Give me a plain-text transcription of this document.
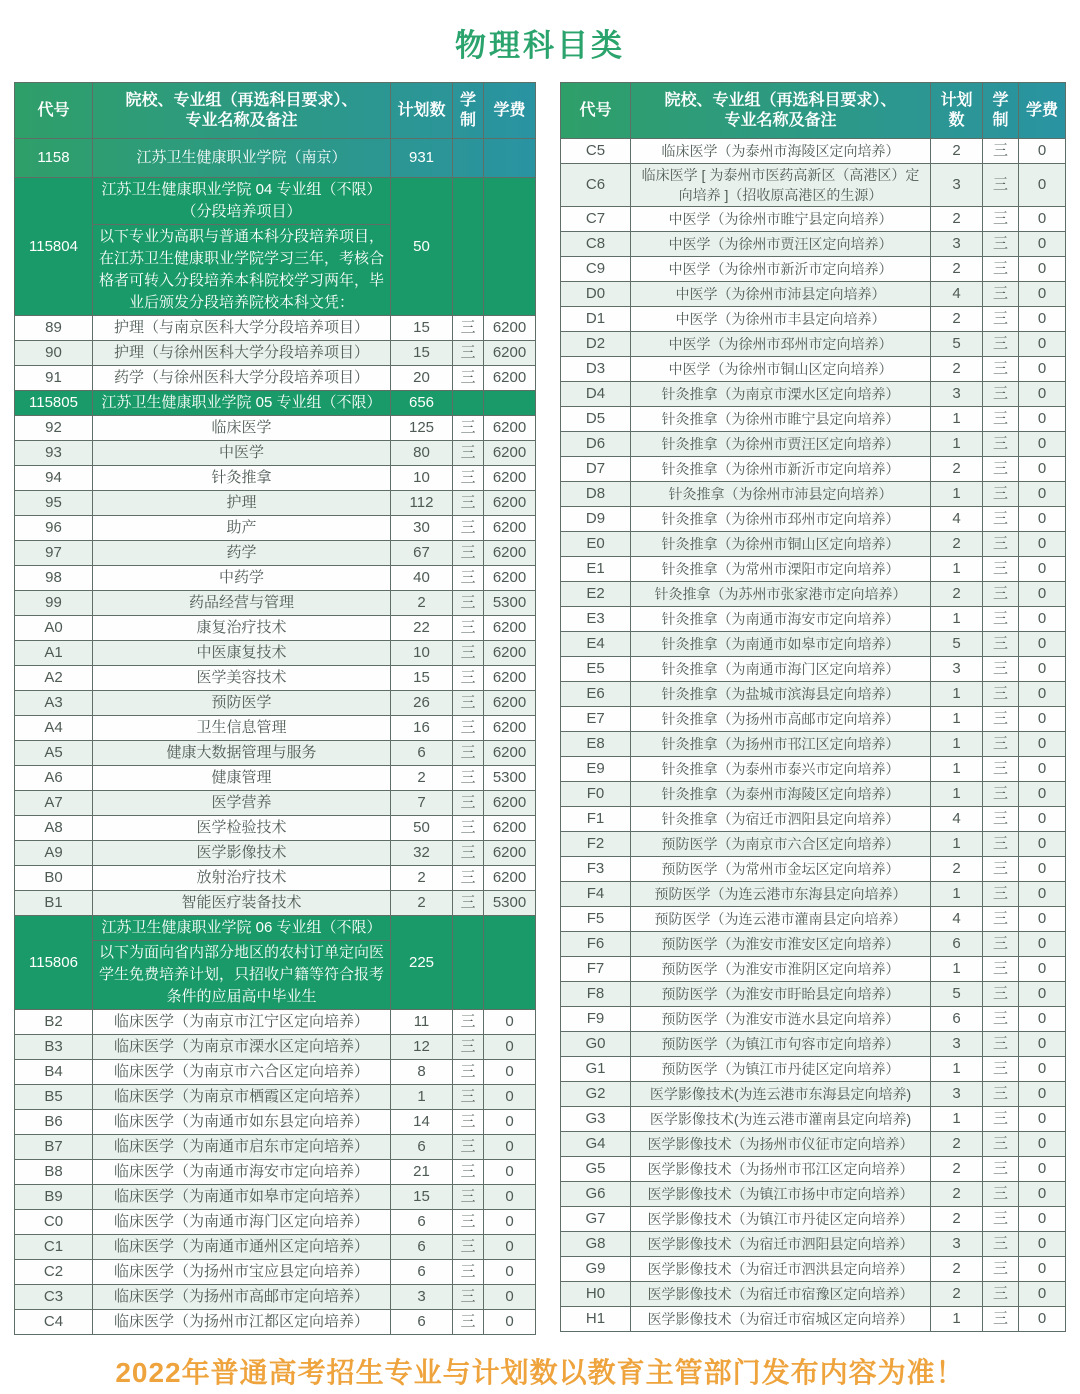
物理科目类
代号	院校、专业组（再选科目要求）、
专业名称及备注	计划数	学制	学费
1158	江苏卫生健康职业学院（南京）	931		
115804	江苏卫生健康职业学院 04 专业组（不限）（分段培养项目）	50		
	以下专业为高职与普通本科分段培养项目，在江苏卫生健康职业学院学习三年，考核合格者可转入分段培养本科院校学习两年，毕业后颁发分段培养院校本科文凭：			
89	护理（与南京医科大学分段培养项目）	15	三	6200
90	护理（与徐州医科大学分段培养项目）	15	三	6200
91	药学（与徐州医科大学分段培养项目）	20	三	6200
115805	江苏卫生健康职业学院 05 专业组（不限）	656		
92	临床医学	125	三	6200
93	中医学	80	三	6200
94	针灸推拿	10	三	6200
95	护理	112	三	6200
96	助产	30	三	6200
97	药学	67	三	6200
98	中药学	40	三	6200
99	药品经营与管理	2	三	5300
A0	康复治疗技术	22	三	6200
A1	中医康复技术	10	三	6200
A2	医学美容技术	15	三	6200
A3	预防医学	26	三	6200
A4	卫生信息管理	16	三	6200
A5	健康大数据管理与服务	6	三	6200
A6	健康管理	2	三	5300
A7	医学营养	7	三	6200
A8	医学检验技术	50	三	6200
A9	医学影像技术	32	三	6200
B0	放射治疗技术	2	三	6200
B1	智能医疗装备技术	2	三	5300
115806	江苏卫生健康职业学院 06 专业组（不限）	225		
	以下为面向省内部分地区的农村订单定向医学生免费培养计划，只招收户籍等符合报考条件的应届高中毕业生			
B2	临床医学（为南京市江宁区定向培养）	11	三	0
B3	临床医学（为南京市溧水区定向培养）	12	三	0
B4	临床医学（为南京市六合区定向培养）	8	三	0
B5	临床医学（为南京市栖霞区定向培养）	1	三	0
B6	临床医学（为南通市如东县定向培养）	14	三	0
B7	临床医学（为南通市启东市定向培养）	6	三	0
B8	临床医学（为南通市海安市定向培养）	21	三	0
B9	临床医学（为南通市如皋市定向培养）	15	三	0
C0	临床医学（为南通市海门区定向培养）	6	三	0
C1	临床医学（为南通市通州区定向培养）	6	三	0
C2	临床医学（为扬州市宝应县定向培养）	6	三	0
C3	临床医学（为扬州市高邮市定向培养）	3	三	0
C4	临床医学（为扬州市江都区定向培养）	6	三	0
代号	院校、专业组（再选科目要求）、
专业名称及备注	计划数	学制	学费
C5	临床医学（为泰州市海陵区定向培养）	2	三	0
C6	临床医学 [ 为泰州市医药高新区（高港区）定向培养 ]（招收原高港区的生源）	3	三	0
C7	中医学（为徐州市睢宁县定向培养）	2	三	0
C8	中医学（为徐州市贾汪区定向培养）	3	三	0
C9	中医学（为徐州市新沂市定向培养）	2	三	0
D0	中医学（为徐州市沛县定向培养）	4	三	0
D1	中医学（为徐州市丰县定向培养）	2	三	0
D2	中医学（为徐州市邳州市定向培养）	5	三	0
D3	中医学（为徐州市铜山区定向培养）	2	三	0
D4	针灸推拿（为南京市溧水区定向培养）	3	三	0
D5	针灸推拿（为徐州市睢宁县定向培养）	1	三	0
D6	针灸推拿（为徐州市贾汪区定向培养）	1	三	0
D7	针灸推拿（为徐州市新沂市定向培养）	2	三	0
D8	针灸推拿（为徐州市沛县定向培养）	1	三	0
D9	针灸推拿（为徐州市邳州市定向培养）	4	三	0
E0	针灸推拿（为徐州市铜山区定向培养）	2	三	0
E1	针灸推拿（为常州市溧阳市定向培养）	1	三	0
E2	针灸推拿（为苏州市张家港市定向培养）	2	三	0
E3	针灸推拿（为南通市海安市定向培养）	1	三	0
E4	针灸推拿（为南通市如皋市定向培养）	5	三	0
E5	针灸推拿（为南通市海门区定向培养）	3	三	0
E6	针灸推拿（为盐城市滨海县定向培养）	1	三	0
E7	针灸推拿（为扬州市高邮市定向培养）	1	三	0
E8	针灸推拿（为扬州市邗江区定向培养）	1	三	0
E9	针灸推拿（为泰州市泰兴市定向培养）	1	三	0
F0	针灸推拿（为泰州市海陵区定向培养）	1	三	0
F1	针灸推拿（为宿迁市泗阳县定向培养）	4	三	0
F2	预防医学（为南京市六合区定向培养）	1	三	0
F3	预防医学（为常州市金坛区定向培养）	2	三	0
F4	预防医学（为连云港市东海县定向培养）	1	三	0
F5	预防医学（为连云港市灌南县定向培养）	4	三	0
F6	预防医学（为淮安市淮安区定向培养）	6	三	0
F7	预防医学（为淮安市淮阴区定向培养）	1	三	0
F8	预防医学（为淮安市盱眙县定向培养）	5	三	0
F9	预防医学（为淮安市涟水县定向培养）	6	三	0
G0	预防医学（为镇江市句容市定向培养）	3	三	0
G1	预防医学（为镇江市丹徒区定向培养）	1	三	0
G2	医学影像技术(为连云港市东海县定向培养)	3	三	0
G3	医学影像技术(为连云港市灌南县定向培养)	1	三	0
G4	医学影像技术（为扬州市仪征市定向培养）	2	三	0
G5	医学影像技术（为扬州市邗江区定向培养）	2	三	0
G6	医学影像技术（为镇江市扬中市定向培养）	2	三	0
G7	医学影像技术（为镇江市丹徒区定向培养）	2	三	0
G8	医学影像技术（为宿迁市泗阳县定向培养）	3	三	0
G9	医学影像技术（为宿迁市泗洪县定向培养）	2	三	0
H0	医学影像技术（为宿迁市宿豫区定向培养）	2	三	0
H1	医学影像技术（为宿迁市宿城区定向培养）	1	三	0
2022年普通高考招生专业与计划数以教育主管部门发布内容为准！
